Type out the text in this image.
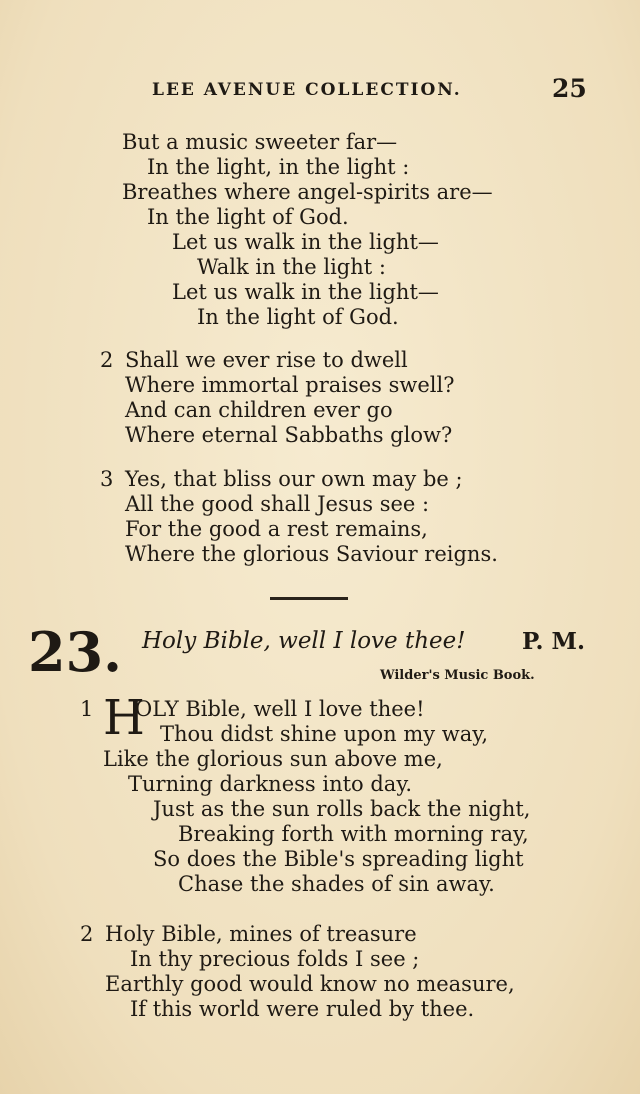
LEE AVENUE COLLECTION.	25
But a music sweeter far—
In the light, in the light :
Breathes where angel-spirits are—
In the light of God.
Let us walk in the light—
Walk in the light :
Let us walk in the light—
In the light of God.
2 Shall we ever rise to dwell
Where immortal praises swell?
And can children ever go
Where eternal Sabbaths glow?
3 Yes, that bliss our own may be ;
All the good shall Jesus see :
For the good a rest remains,
Where the glorious Saviour reigns.
23. Holy Bible, well I love thee! P. M.
Wilder's Music Book.
1 H
OLY Bible, well I love thee!
Thou didst shine upon my way,
Like the glorious sun above me,
Turning darkness into day.
Just as the sun rolls back the night,
Breaking forth with morning ray,
So does the Bible's spreading light
Chase the shades of sin away.
2 Holy Bible, mines of treasure
In thy precious folds I see ;
Earthly good would know no measure,
If this world were ruled by thee.
